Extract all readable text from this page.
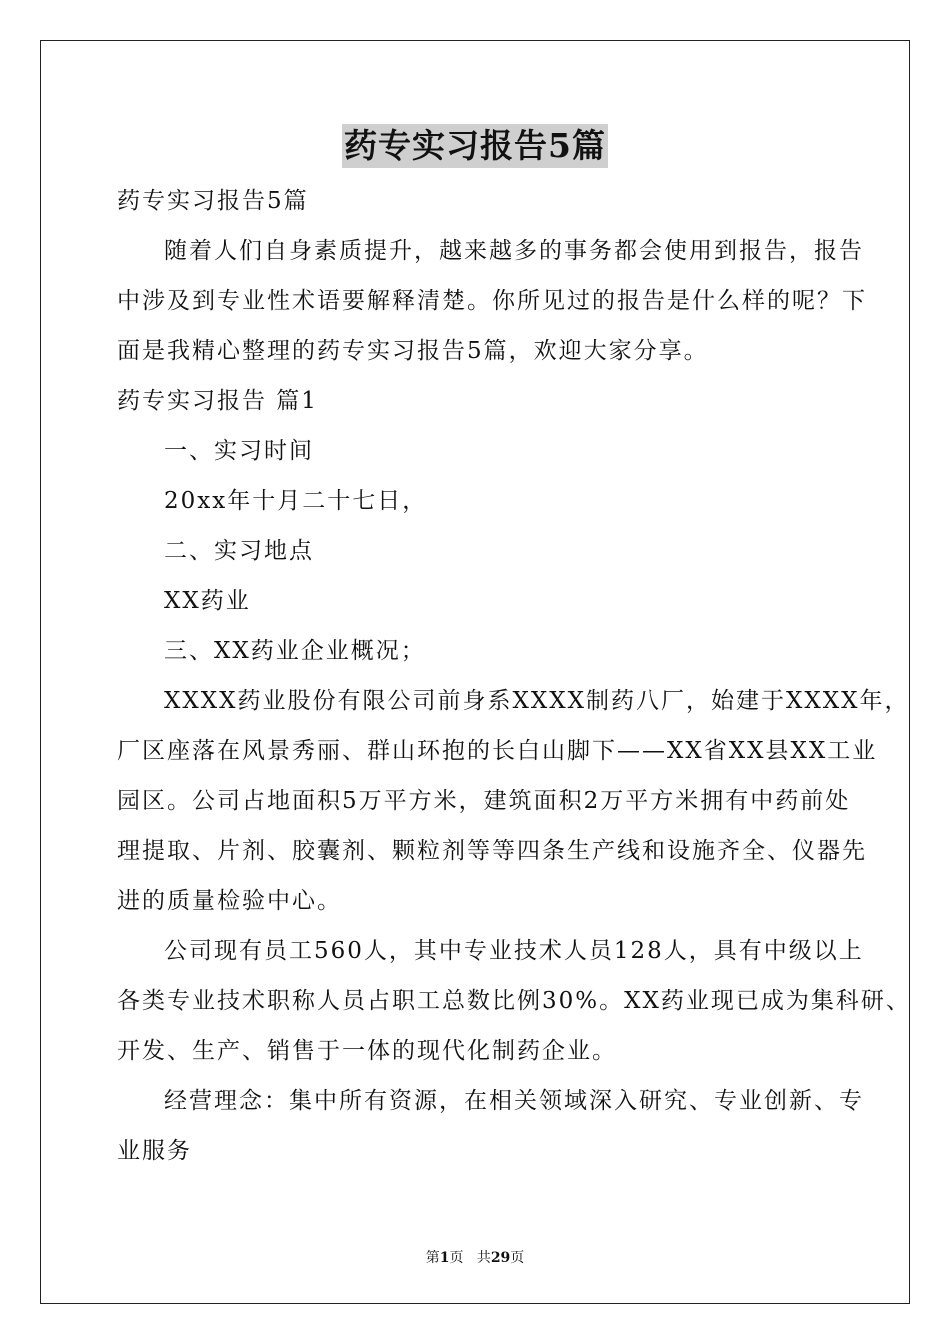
药专实习报告5篇

药专实习报告5篇

随着人们自身素质提升，越来越多的事务都会使用到报告，报告

中涉及到专业性术语要解释清楚。你所见过的报告是什么样的呢？下

面是我精心整理的药专实习报告5篇，欢迎大家分享。

药专实习报告 篇1

一、实习时间

20xx年十月二十七日，

二、实习地点

XX药业

三、XX药业企业概况；

XXXX药业股份有限公司前身系XXXX制药八厂，始建于XXXX年，

厂区座落在风景秀丽、群山环抱的长白山脚下——XX省XX县XX工业

园区。公司占地面积5万平方米，建筑面积2万平方米拥有中药前处

理提取、片剂、胶囊剂、颗粒剂等等四条生产线和设施齐全、仪器先

进的质量检验中心。

公司现有员工560人，其中专业技术人员128人，具有中级以上

各类专业技术职称人员占职工总数比例30%。XX药业现已成为集科研、

开发、生产、销售于一体的现代化制药企业。

经营理念：集中所有资源，在相关领域深入研究、专业创新、专

业服务

第1页 共29页
